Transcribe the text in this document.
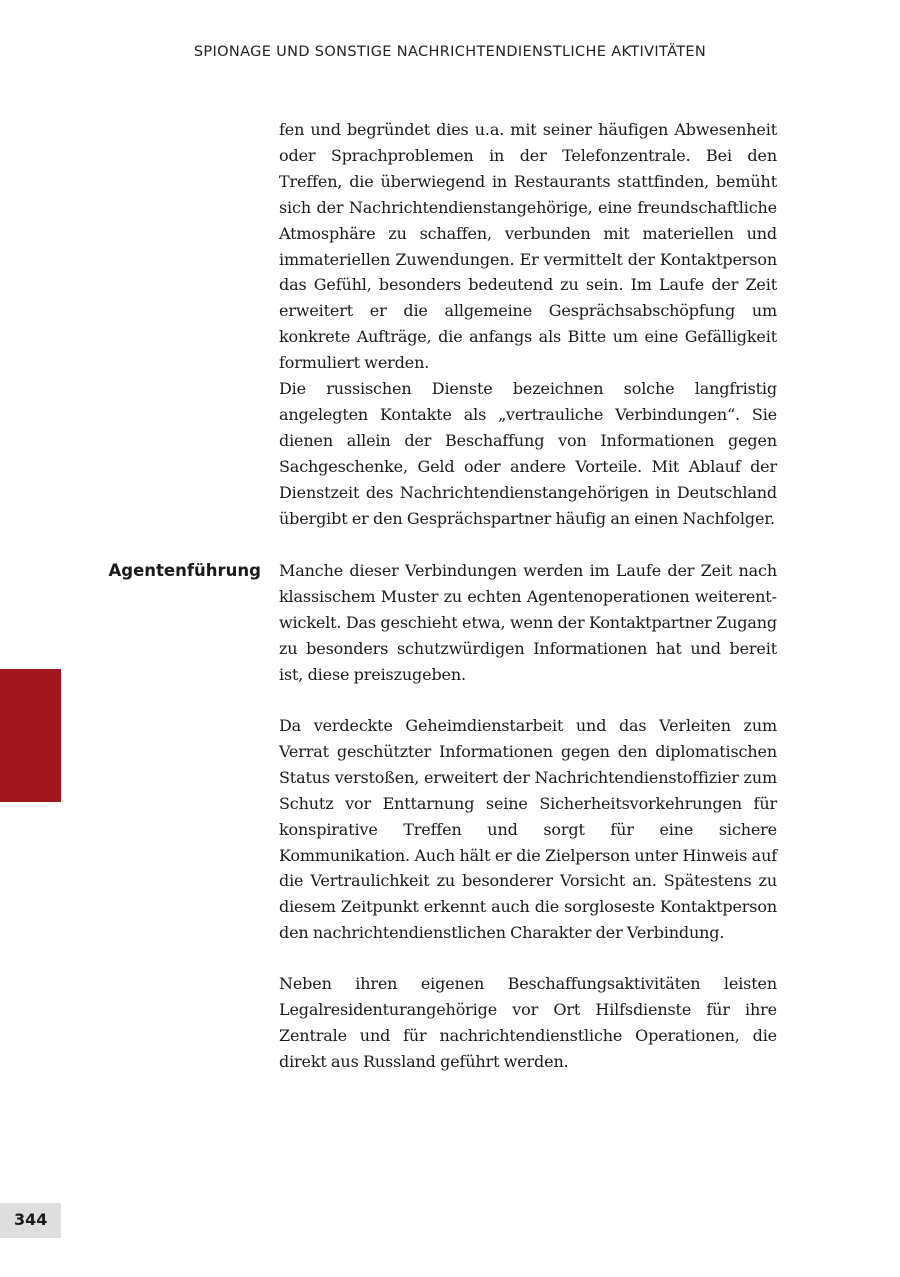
SPIONAGE UND SONSTIGE NACHRICHTENDIENSTLICHE AKTIVITÄTEN
Agentenführung

fen und begründet dies u.a. mit seiner häufigen Abwesenheit oder Sprachproblemen in der Telefonzentrale. Bei den Treffen, die überwiegend in Restaurants stattfinden, bemüht sich der Nachrichtendienstangehörige, eine freundschaftliche Atmosphäre zu schaffen, verbunden mit materiellen und immateriellen Zuwendungen. Er vermittelt der Kontaktperson das Gefühl, besonders bedeutend zu sein. Im Laufe der Zeit erweitert er die allgemeine Gesprächsabschöpfung um konkrete Aufträge, die anfangs als Bitte um eine Gefälligkeit formuliert werden.

Die russischen Dienste bezeichnen solche langfristig angelegten Kontakte als „vertrauliche Verbindungen“. Sie dienen allein der Beschaffung von Informationen gegen Sachgeschenke, Geld oder andere Vorteile. Mit Ablauf der Dienstzeit des Nachrichtendienstangehörigen in Deutschland übergibt er den Gesprächspartner häufig an einen Nachfolger.

Manche dieser Verbindungen werden im Laufe der Zeit nach klassischem Muster zu echten Agentenoperationen weiterentwickelt. Das geschieht etwa, wenn der Kontaktpartner Zugang zu besonders schutzwürdigen Informationen hat und bereit ist, diese preiszugeben.

Da verdeckte Geheimdienstarbeit und das Verleiten zum Verrat geschützter Informationen gegen den diplomatischen Status verstoßen, erweitert der Nachrichtendienstoffizier zum Schutz vor Enttarnung seine Sicherheitsvorkehrungen für konspirative Treffen und sorgt für eine sichere Kommunikation. Auch hält er die Zielperson unter Hinweis auf die Vertraulichkeit zu besonderer Vorsicht an. Spätestens zu diesem Zeitpunkt erkennt auch die sorgloseste Kontaktperson den nachrichtendienstlichen Charakter der Verbindung.

Neben ihren eigenen Beschaffungsaktivitäten leisten Legalresidenturangehörige vor Ort Hilfsdienste für ihre Zentrale und für nachrichtendienstliche Operationen, die direkt aus Russland geführt werden.

344
